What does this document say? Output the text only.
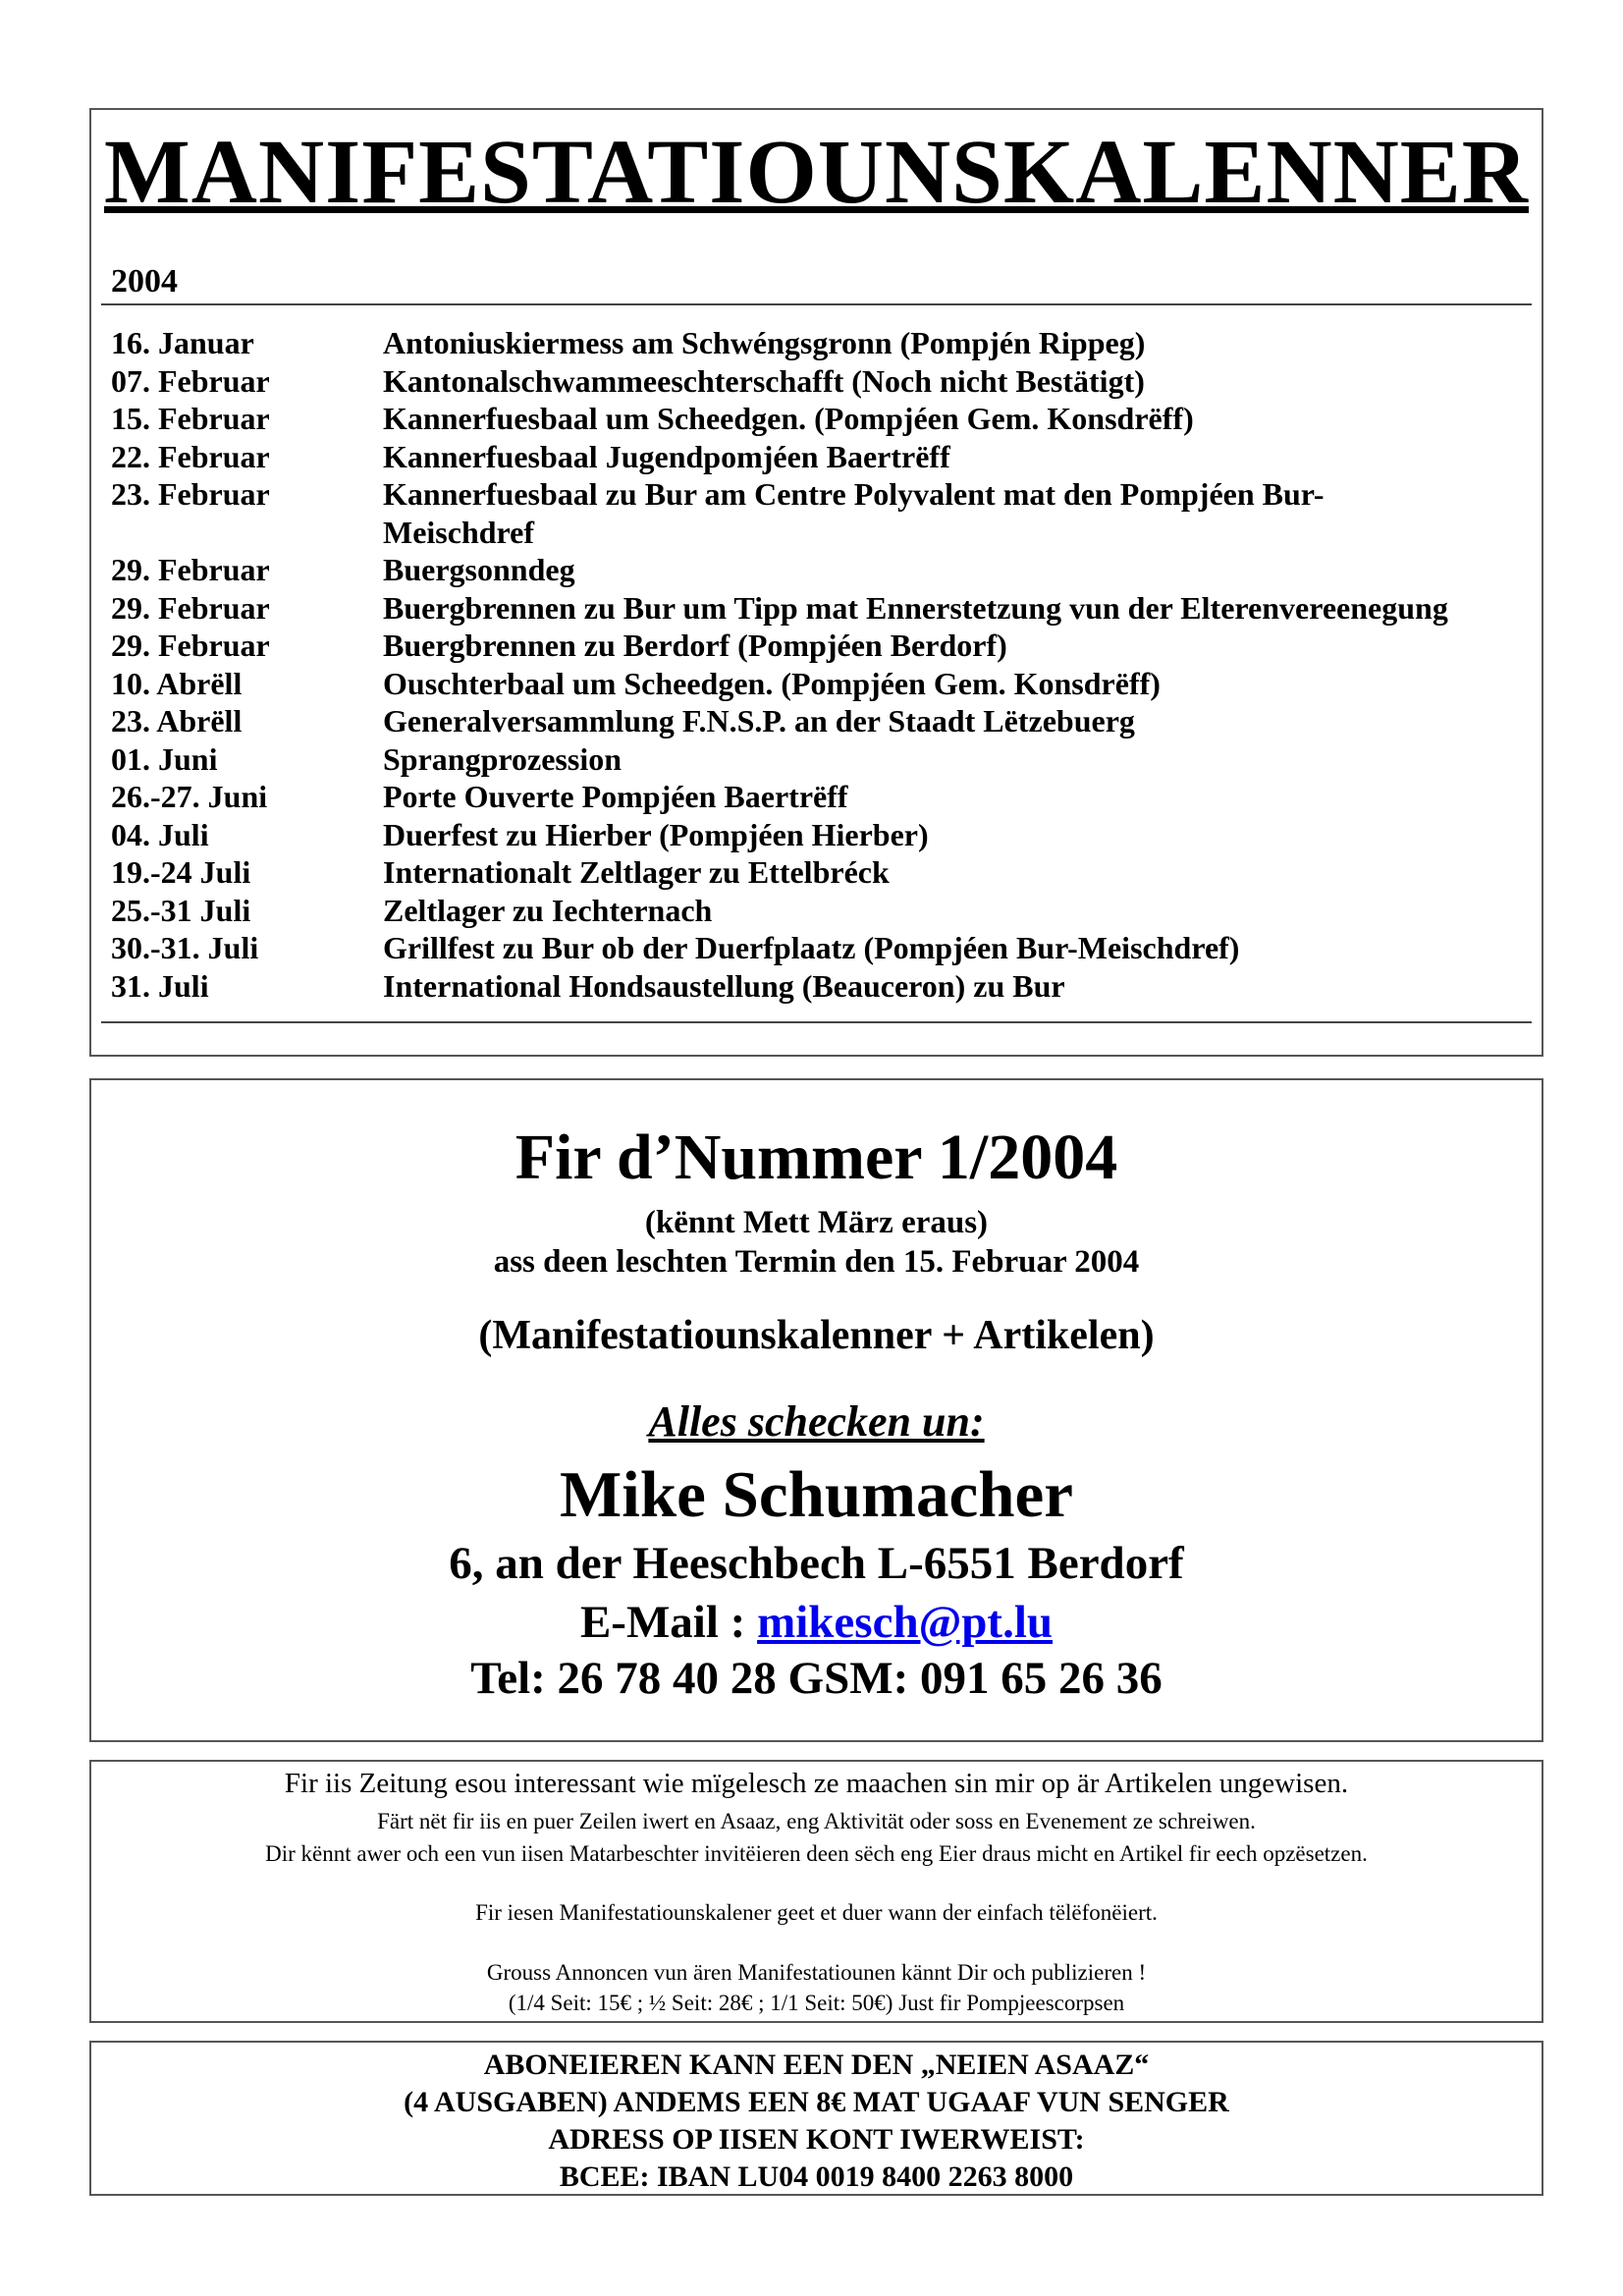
MANIFESTATIOUNSKALENNER
2004
16. Januar	Antoniuskiermess am Schwéngsgronn (Pompjén Rippeg)
07. Februar	Kantonalschwammeeschterschafft (Noch nicht Bestätigt)
15. Februar	Kannerfuesbaal um Scheedgen. (Pompjéen Gem. Konsdrëff)
22. Februar	Kannerfuesbaal Jugendpomjéen Baertrëff
23. Februar	Kannerfuesbaal zu Bur am Centre Polyvalent mat den Pompjéen Bur-
Meischdref
29. Februar	Buergsonndeg
29. Februar	Buergbrennen zu Bur um Tipp mat Ennerstetzung vun der Elterenvereenegung
29. Februar	Buergbrennen zu Berdorf (Pompjéen Berdorf)
10. Abrëll	Ouschterbaal um Scheedgen. (Pompjéen Gem. Konsdrëff)
23. Abrëll	Generalversammlung F.N.S.P. an der Staadt Lëtzebuerg
01. Juni	Sprangprozession
26.-27. Juni	Porte Ouverte Pompjéen Baertrëff
04. Juli	Duerfest zu Hierber (Pompjéen Hierber)
19.-24 Juli	Internationalt Zeltlager zu Ettelbréck
25.-31 Juli	Zeltlager zu Iechternach
30.-31. Juli	Grillfest zu Bur ob der Duerfplaatz (Pompjéen Bur-Meischdref)
31. Juli	International Hondsaustellung (Beauceron) zu Bur
Fir d’Nummer 1/2004
(kënnt Mett März eraus)
ass deen leschten Termin den 15. Februar 2004
(Manifestatiounskalenner + Artikelen)
Alles schecken un:
Mike Schumacher
6, an der Heeschbech L-6551 Berdorf
E-Mail : mikesch@pt.lu
Tel: 26 78 40 28 GSM: 091 65 26 36
Fir iis Zeitung esou interessant wie mïgelesch ze maachen sin mir op är Artikelen ungewisen.
Färt nët fir iis en puer Zeilen iwert en Asaaz, eng Aktivität oder soss en Evenement ze schreiwen.
Dir kënnt awer och een vun iisen Matarbeschter invitëieren deen sëch eng Eier draus micht en Artikel fir eech opzësetzen.
Fir iesen Manifestatiounskalener geet et duer wann der einfach tëlëfonëiert.
Grouss Annoncen vun ären Manifestatiounen kännt Dir och publizieren !
(1/4 Seit: 15€ ; ½ Seit: 28€ ; 1/1 Seit: 50€) Just fir Pompjeescorpsen
ABONEIEREN KANN EEN DEN „NEIEN ASAAZ“
(4 AUSGABEN) ANDEMS EEN 8€ MAT UGAAF VUN SENGER
ADRESS OP IISEN KONT IWERWEIST:
BCEE: IBAN LU04 0019 8400 2263 8000
